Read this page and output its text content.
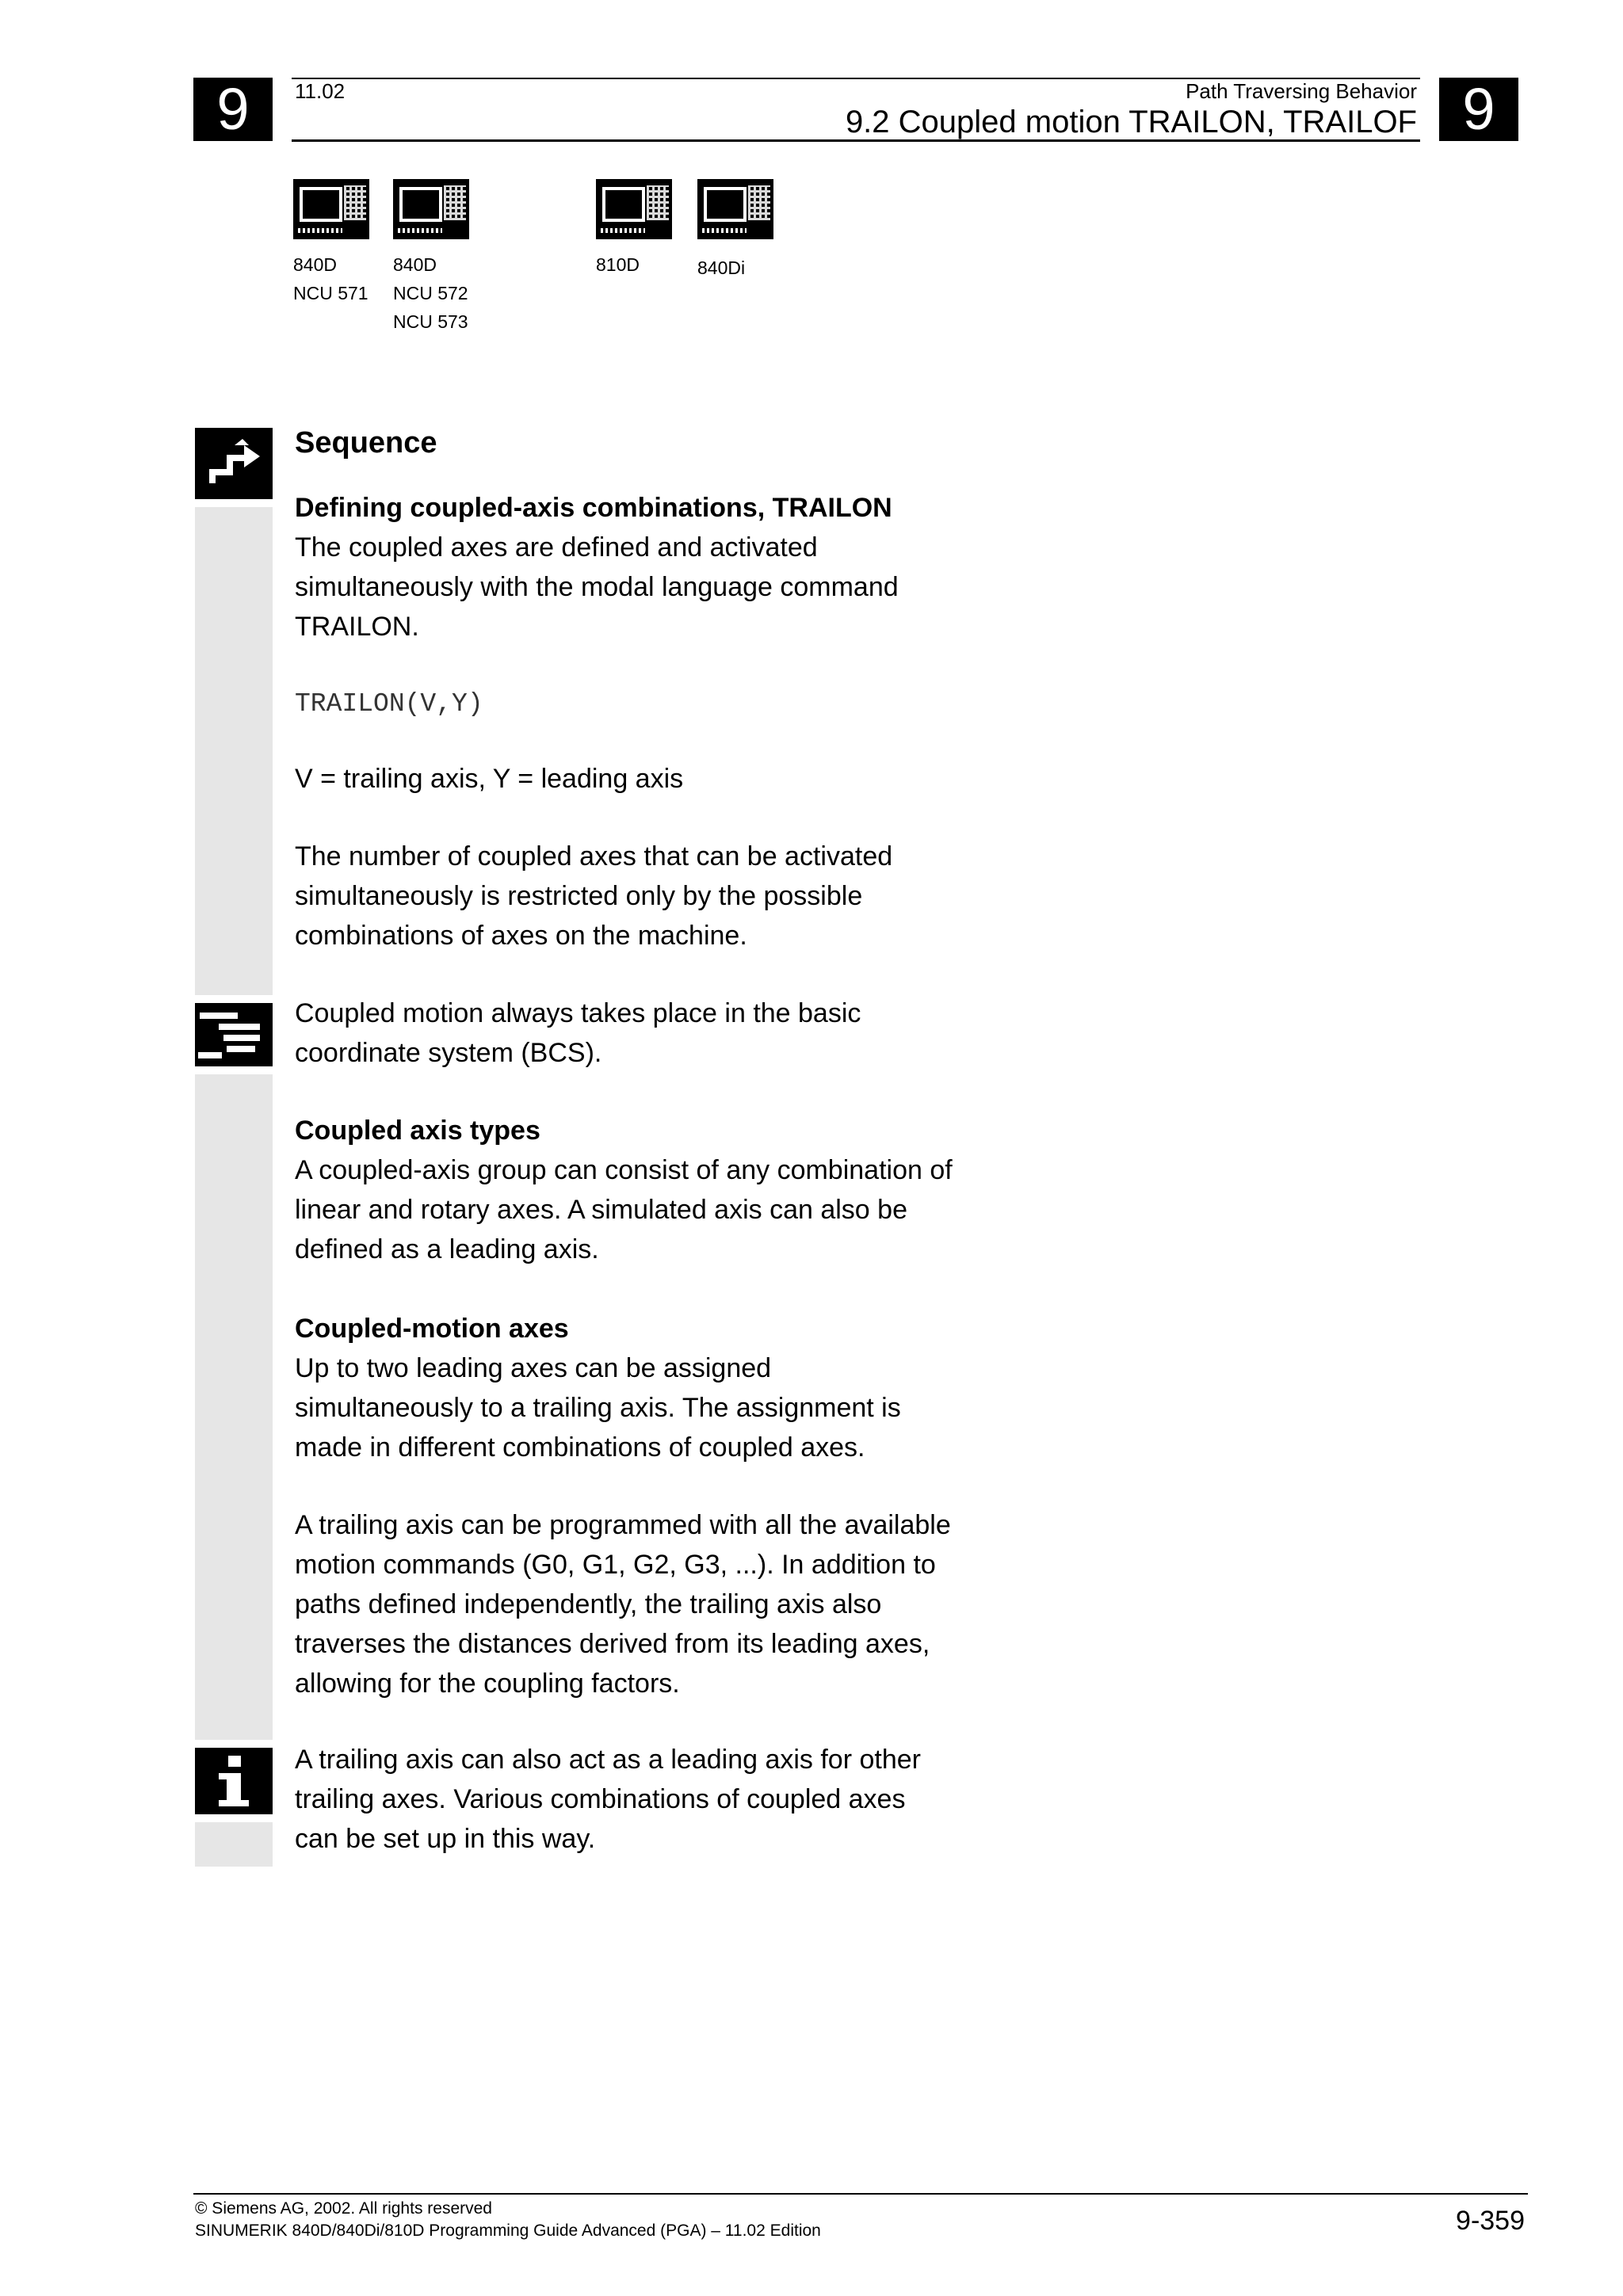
9	9
11.02	Path Traversing Behavior
9.2 Coupled motion TRAILON, TRAILOF
840D
NCU 571
840D
NCU 572
NCU 573
810D	840Di
Sequence

Defining coupled-axis combinations, TRAILON

The coupled axes are defined and activated simultaneously with the modal language command TRAILON.

TRAILON(V,Y)
V = trailing axis, Y = leading axis
The number of coupled axes that can be activated simultaneously is restricted only by the possible combinations of axes on the machine.
Coupled motion always takes place in the basic coordinate system (BCS).

Coupled axis types

A coupled-axis group can consist of any combination of linear and rotary axes. A simulated axis can also be defined as a leading axis.

Coupled-motion axes

Up to two leading axes can be assigned simultaneously to a trailing axis. The assignment is made in different combinations of coupled axes.

A trailing axis can be programmed with all the available motion commands (G0, G1, G2, G3, ...). In addition to paths defined independently, the trailing axis also traverses the distances derived from its leading axes, allowing for the coupling factors.
A trailing axis can also act as a leading axis for other trailing axes. Various combinations of coupled axes can be set up in this way.
© Siemens AG, 2002. All rights reserved
SINUMERIK 840D/840Di/810D Programming Guide Advanced (PGA) – 11.02 Edition	9-359
